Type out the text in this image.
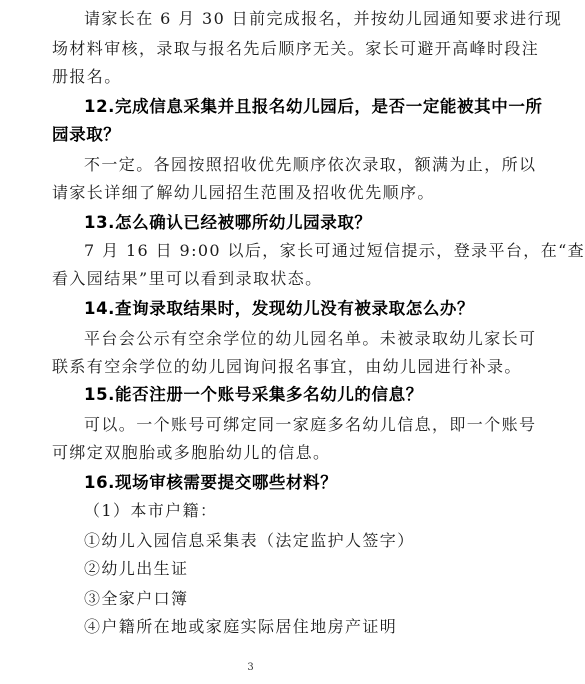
请家长在 6 月 30 日前完成报名，并按幼儿园通知要求进行现
场材料审核，录取与报名先后顺序无关。家长可避开高峰时段注
册报名。
12.完成信息采集并且报名幼儿园后，是否一定能被其中一所
园录取？
不一定。各园按照招收优先顺序依次录取，额满为止，所以
请家长详细了解幼儿园招生范围及招收优先顺序。
13.怎么确认已经被哪所幼儿园录取？
7 月 16 日 9:00 以后，家长可通过短信提示，登录平台，在“查
看入园结果”里可以看到录取状态。
14.查询录取结果时，发现幼儿没有被录取怎么办？
平台会公示有空余学位的幼儿园名单。未被录取幼儿家长可
联系有空余学位的幼儿园询问报名事宜，由幼儿园进行补录。
15.能否注册一个账号采集多名幼儿的信息？
可以。一个账号可绑定同一家庭多名幼儿信息，即一个账号
可绑定双胞胎或多胞胎幼儿的信息。
16.现场审核需要提交哪些材料？
（1）本市户籍：
①幼儿入园信息采集表（法定监护人签字）
②幼儿出生证
③全家户口簿
④户籍所在地或家庭实际居住地房产证明
3
